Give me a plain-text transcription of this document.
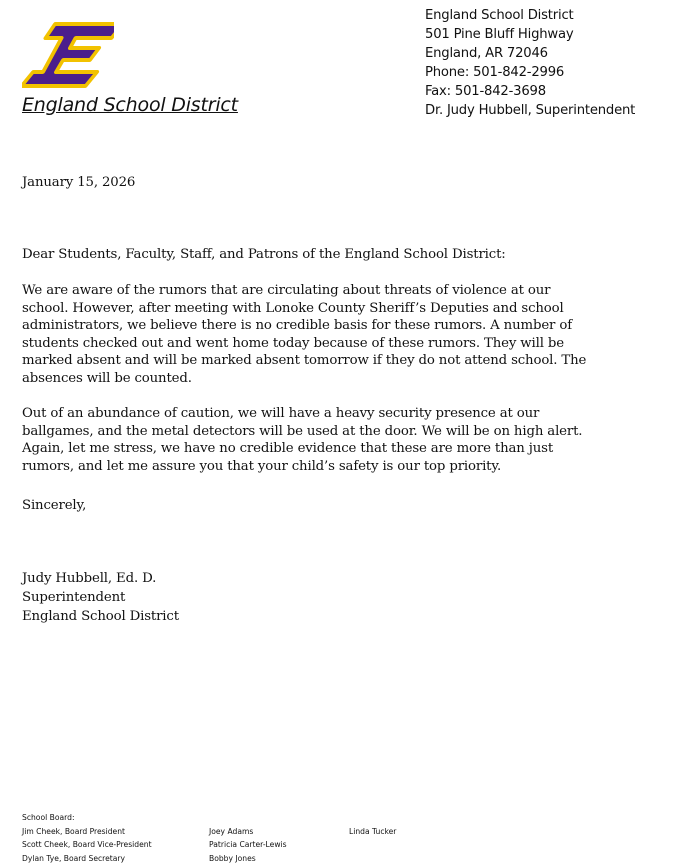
England School District
England School District
501 Pine Bluff Highway
England, AR 72046
Phone: 501-842-2996
Fax: 501-842-3698
Dr. Judy Hubbell, Superintendent
January 15, 2026
Dear Students, Faculty, Staff, and Patrons of the England School District:
We are aware of the rumors that are circulating about threats of violence at our school. However, after meeting with Lonoke County Sheriff’s Deputies and school administrators, we believe there is no credible basis for these rumors. A number of students checked out and went home today because of these rumors. They will be marked absent and will be marked absent tomorrow if they do not attend school. The absences will be counted.
Out of an abundance of caution, we will have a heavy security presence at our ballgames, and the metal detectors will be used at the door. We will be on high alert. Again, let me stress, we have no credible evidence that these are more than just rumors, and let me assure you that your child’s safety is our top priority.
Sincerely,
Judy Hubbell, Ed. D.
Superintendent
England School District
School Board:
Jim Cheek, Board President
Scott Cheek, Board Vice-President
Dylan Tye, Board Secretary
Joey Adams
Patricia Carter-Lewis
Bobby Jones
Linda Tucker
